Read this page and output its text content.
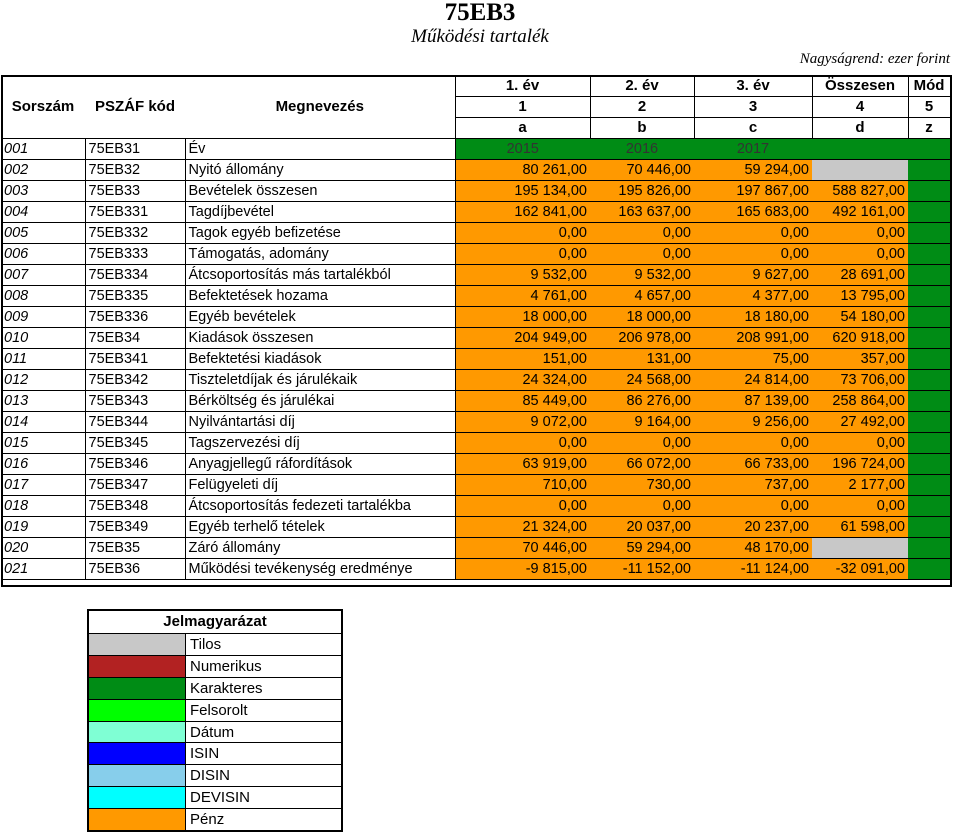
75EB3
Működési tartalék
Nagyságrend: ezer forint
			1. év	2. év	3. év	Összesen	Mód
Sorszám	PSZÁF kód	Megnevezés	1	2	3	4	5
			a	b	c	d	z
001	75EB31	Év	2015	2016	2017		
002	75EB32	Nyitó állomány	80 261,00	70 446,00	59 294,00		
003	75EB33	Bevételek összesen	195 134,00	195 826,00	197 867,00	588 827,00	
004	75EB331	Tagdíjbevétel	162 841,00	163 637,00	165 683,00	492 161,00	
005	75EB332	Tagok egyéb befizetése	0,00	0,00	0,00	0,00	
006	75EB333	Támogatás, adomány	0,00	0,00	0,00	0,00	
007	75EB334	Átcsoportosítás más tartalékból	9 532,00	9 532,00	9 627,00	28 691,00	
008	75EB335	Befektetések hozama	4 761,00	4 657,00	4 377,00	13 795,00	
009	75EB336	Egyéb bevételek	18 000,00	18 000,00	18 180,00	54 180,00	
010	75EB34	Kiadások összesen	204 949,00	206 978,00	208 991,00	620 918,00	
011	75EB341	Befektetési kiadások	151,00	131,00	75,00	357,00	
012	75EB342	Tiszteletdíjak és járulékaik	24 324,00	24 568,00	24 814,00	73 706,00	
013	75EB343	Bérköltség és járulékai	85 449,00	86 276,00	87 139,00	258 864,00	
014	75EB344	Nyilvántartási díj	9 072,00	9 164,00	9 256,00	27 492,00	
015	75EB345	Tagszervezési díj	0,00	0,00	0,00	0,00	
016	75EB346	Anyagjellegű ráfordítások	63 919,00	66 072,00	66 733,00	196 724,00	
017	75EB347	Felügyeleti díj	710,00	730,00	737,00	2 177,00	
018	75EB348	Átcsoportosítás fedezeti tartalékba	0,00	0,00	0,00	0,00	
019	75EB349	Egyéb terhelő tételek	21 324,00	20 037,00	20 237,00	61 598,00	
020	75EB35	Záró állomány	70 446,00	59 294,00	48 170,00		
021	75EB36	Működési tevékenység eredménye	-9 815,00	-11 152,00	-11 124,00	-32 091,00	
Jelmagyarázat
Tilos
Numerikus
Karakteres
Felsorolt
Dátum
ISIN
DISIN
DEVISIN
Pénz
